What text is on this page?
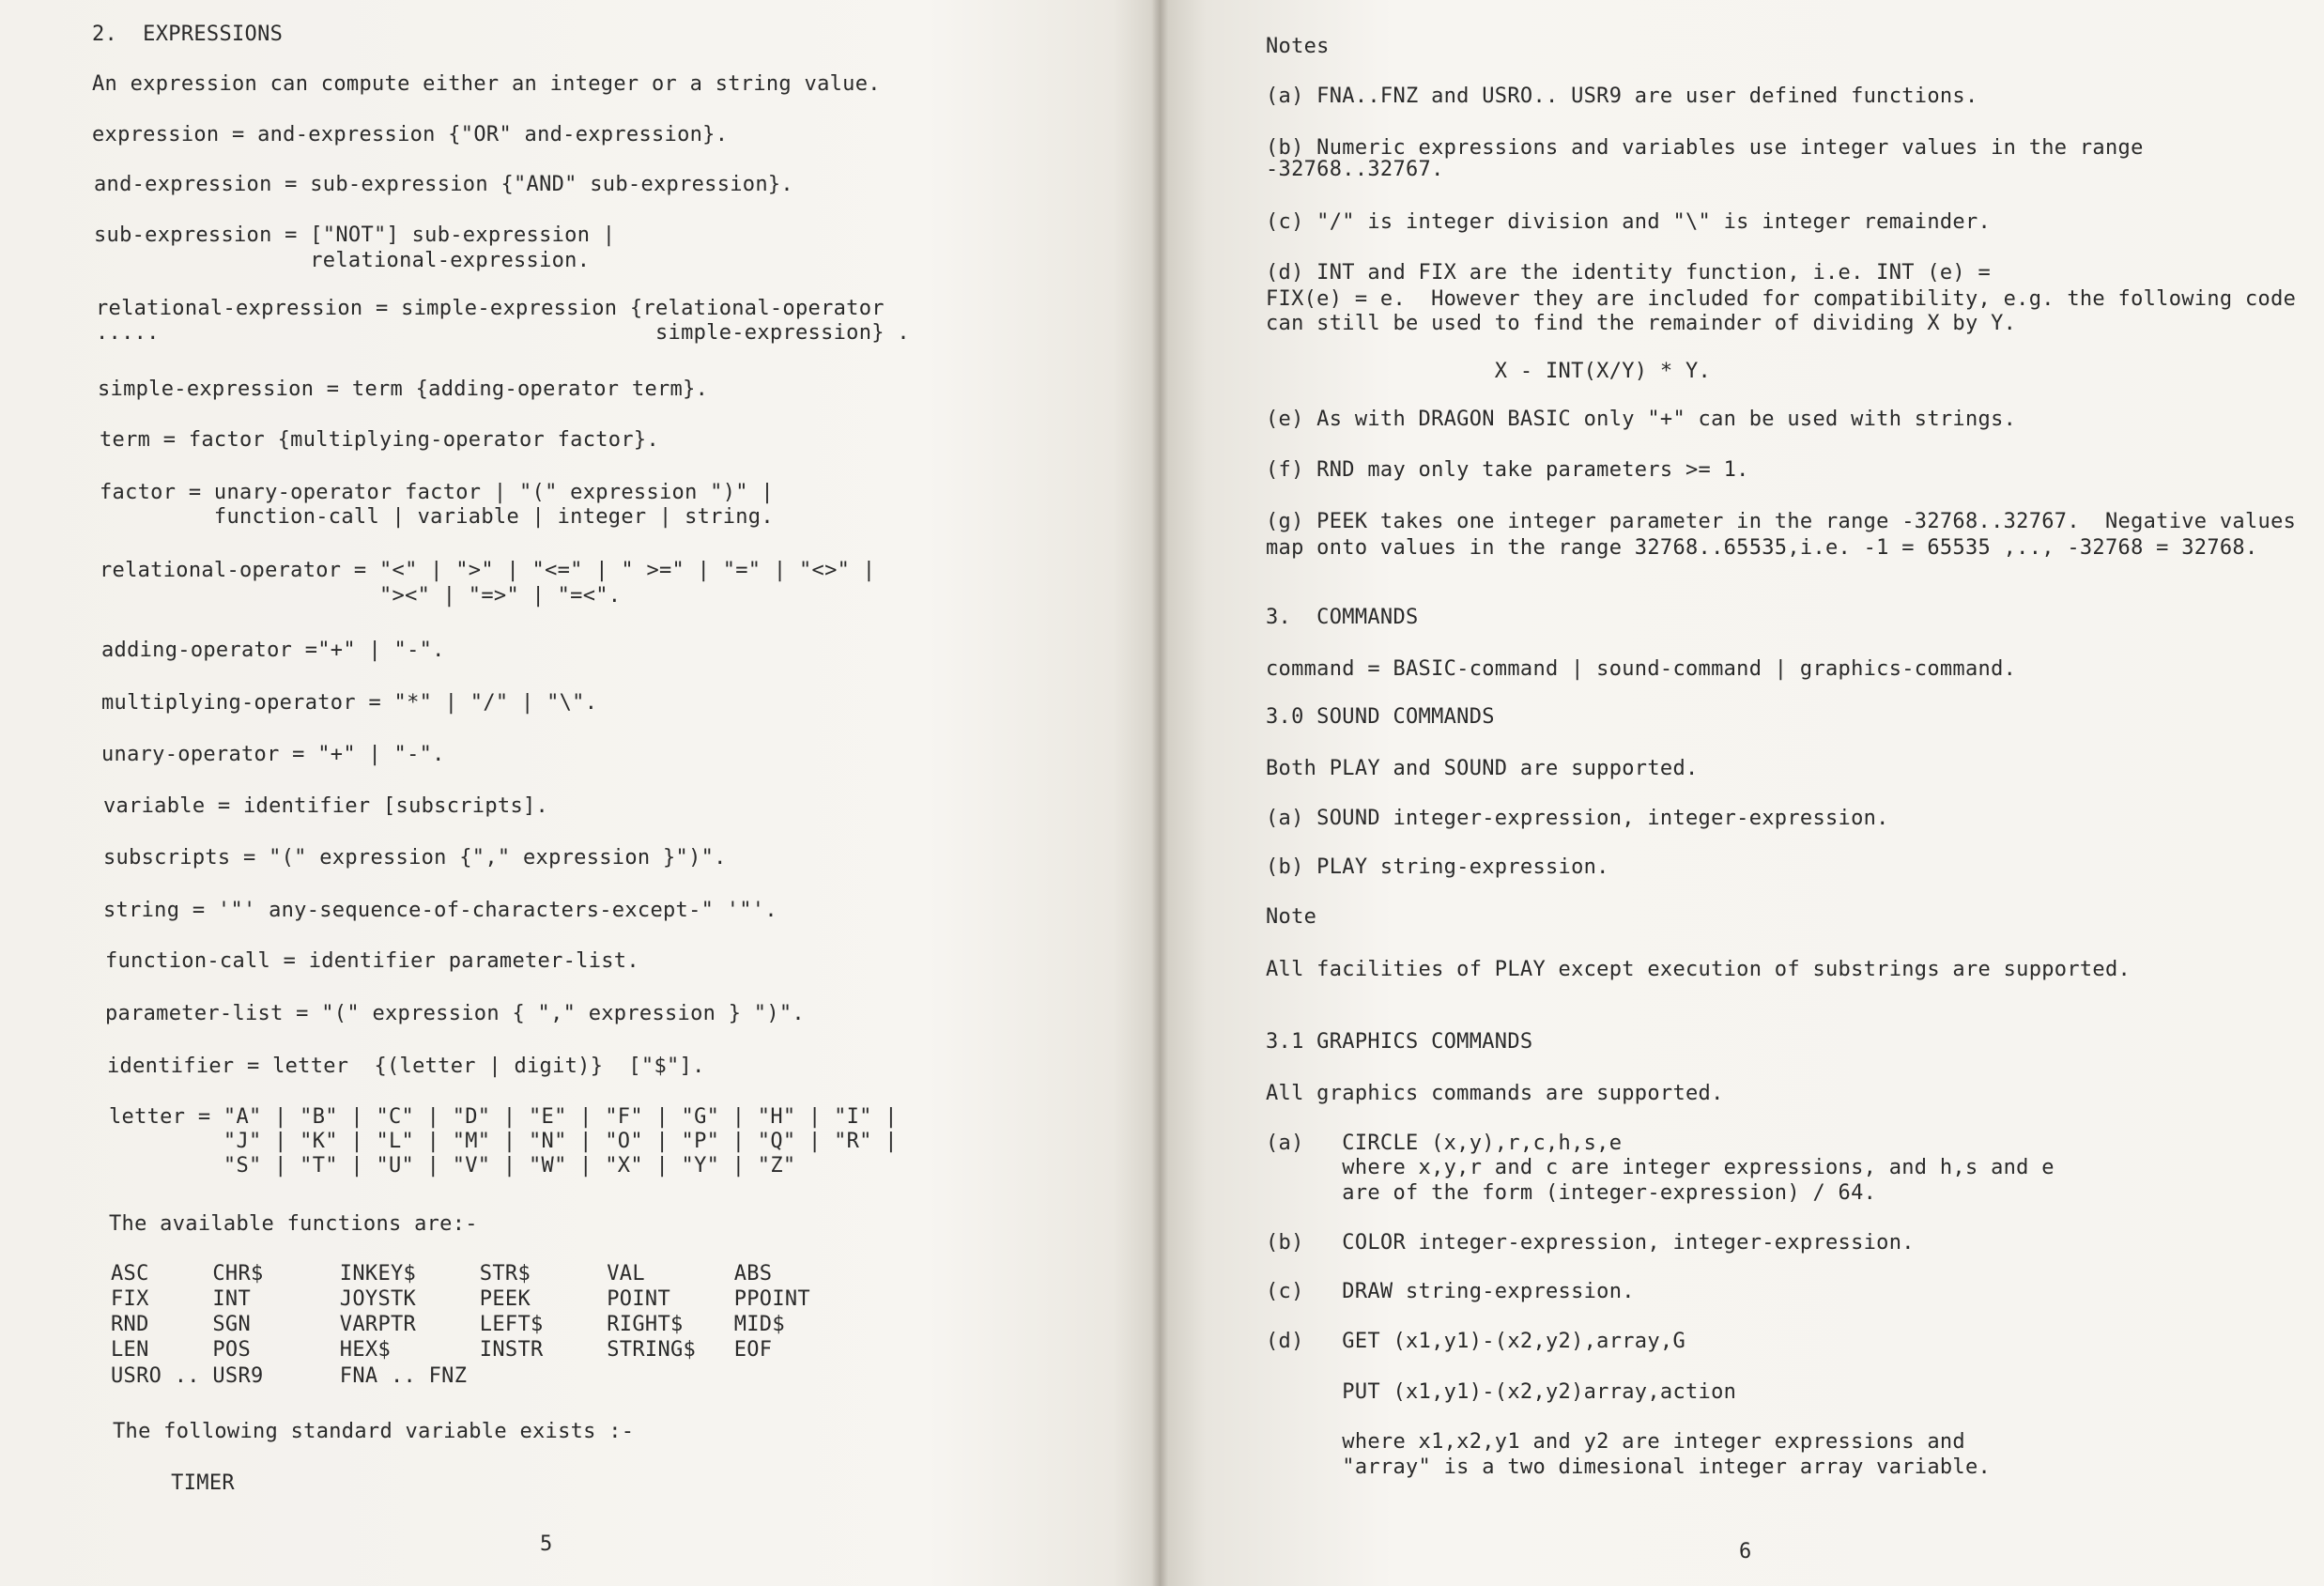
2.  EXPRESSIONS
An expression can compute either an integer or a string value.
expression = and-expression {"OR" and-expression}.
and-expression = sub-expression {"AND" sub-expression}.
sub-expression = ["NOT"] sub-expression |
relational-expression.
relational-expression = simple-expression {relational-operator
.....                                       simple-expression} .
simple-expression = term {adding-operator term}.
term = factor {multiplying-operator factor}.
factor = unary-operator factor | "(" expression ")" |
function-call | variable | integer | string.
relational-operator = "<" | ">" | "<=" | " >=" | "=" | "<>" |
"><" | "=>" | "=<".
adding-operator ="+" | "-".
multiplying-operator = "*" | "/" | "\".
unary-operator = "+" | "-".
variable = identifier [subscripts].
subscripts = "(" expression {"," expression }")".
string = '"' any-sequence-of-characters-except-" '"'.
function-call = identifier parameter-list.
parameter-list = "(" expression { "," expression } ")".
identifier = letter  {(letter | digit)}  ["$"].
letter = "A" | "B" | "C" | "D" | "E" | "F" | "G" | "H" | "I" |
"J" | "K" | "L" | "M" | "N" | "O" | "P" | "Q" | "R" |
"S" | "T" | "U" | "V" | "W" | "X" | "Y" | "Z"
The available functions are:-
ASC     CHR$      INKEY$     STR$      VAL       ABS
FIX     INT       JOYSTK     PEEK      POINT     PPOINT
RND     SGN       VARPTR     LEFT$     RIGHT$    MID$
LEN     POS       HEX$       INSTR     STRING$   EOF
USRO .. USR9      FNA .. FNZ
The following standard variable exists :-
TIMER
5
Notes
(a) FNA..FNZ and USRO.. USR9 are user defined functions.
(b) Numeric expressions and variables use integer values in the range
-32768..32767.
(c) "/" is integer division and "\" is integer remainder.
(d) INT and FIX are the identity function, i.e. INT (e) =
FIX(e) = e.  However they are included for compatibility, e.g. the following code
can still be used to find the remainder of dividing X by Y.
X - INT(X/Y) * Y.
(e) As with DRAGON BASIC only "+" can be used with strings.
(f) RND may only take parameters >= 1.
(g) PEEK takes one integer parameter in the range -32768..32767.  Negative values
map onto values in the range 32768..65535,i.e. -1 = 65535 ,.., -32768 = 32768.
3.  COMMANDS
command = BASIC-command | sound-command | graphics-command.
3.0 SOUND COMMANDS
Both PLAY and SOUND are supported.
(a) SOUND integer-expression, integer-expression.
(b) PLAY string-expression.
Note
All facilities of PLAY except execution of substrings are supported.
3.1 GRAPHICS COMMANDS
All graphics commands are supported.
(a)   CIRCLE (x,y),r,c,h,s,e
where x,y,r and c are integer expressions, and h,s and e
are of the form (integer-expression) / 64.
(b)   COLOR integer-expression, integer-expression.
(c)   DRAW string-expression.
(d)   GET (x1,y1)-(x2,y2),array,G
PUT (x1,y1)-(x2,y2)array,action
where x1,x2,y1 and y2 are integer expressions and
"array" is a two dimesional integer array variable.
6
